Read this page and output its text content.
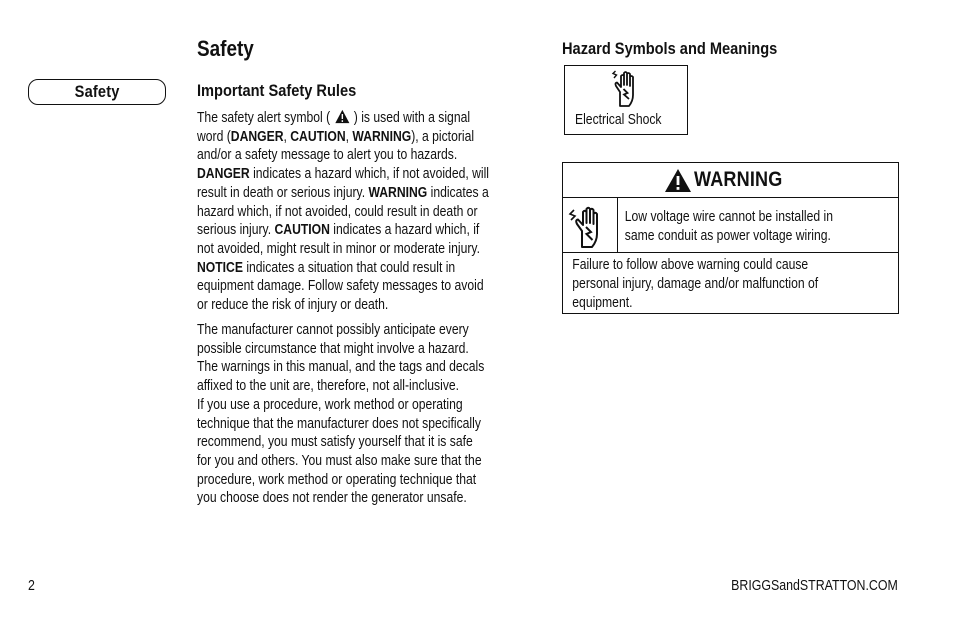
Safety
Safety
Important Safety Rules

The safety alert symbol (  ) is used with a signal

word (DANGER, CAUTION, WARNING), a pictorial

and/or a safety message to alert you to hazards.

DANGER indicates a hazard which, if not avoided, will

result in death or serious injury. WARNING indicates a

hazard which, if not avoided, could result in death or

serious injury. CAUTION indicates a hazard which, if

not avoided, might result in minor or moderate injury.

NOTICE indicates a situation that could result in

equipment damage. Follow safety messages to avoid

or reduce the risk of injury or death.

The manufacturer cannot possibly anticipate every

possible circumstance that might involve a hazard.

The warnings in this manual, and the tags and decals

affixed to the unit are, therefore, not all-inclusive.

If you use a procedure, work method or operating

technique that the manufacturer does not specifically

recommend, you must satisfy yourself that it is safe

for you and others. You must also make sure that the

procedure, work method or operating technique that

you choose does not render the generator unsafe.

Hazard Symbols and Meanings
Electrical Shock
WARNING
Low voltage wire cannot be installed in
same conduit as power voltage wiring.
Failure to follow above warning could cause
personal injury, damage and/or malfunction of
equipment.
2	BRIGGSandSTRATTON.COM
